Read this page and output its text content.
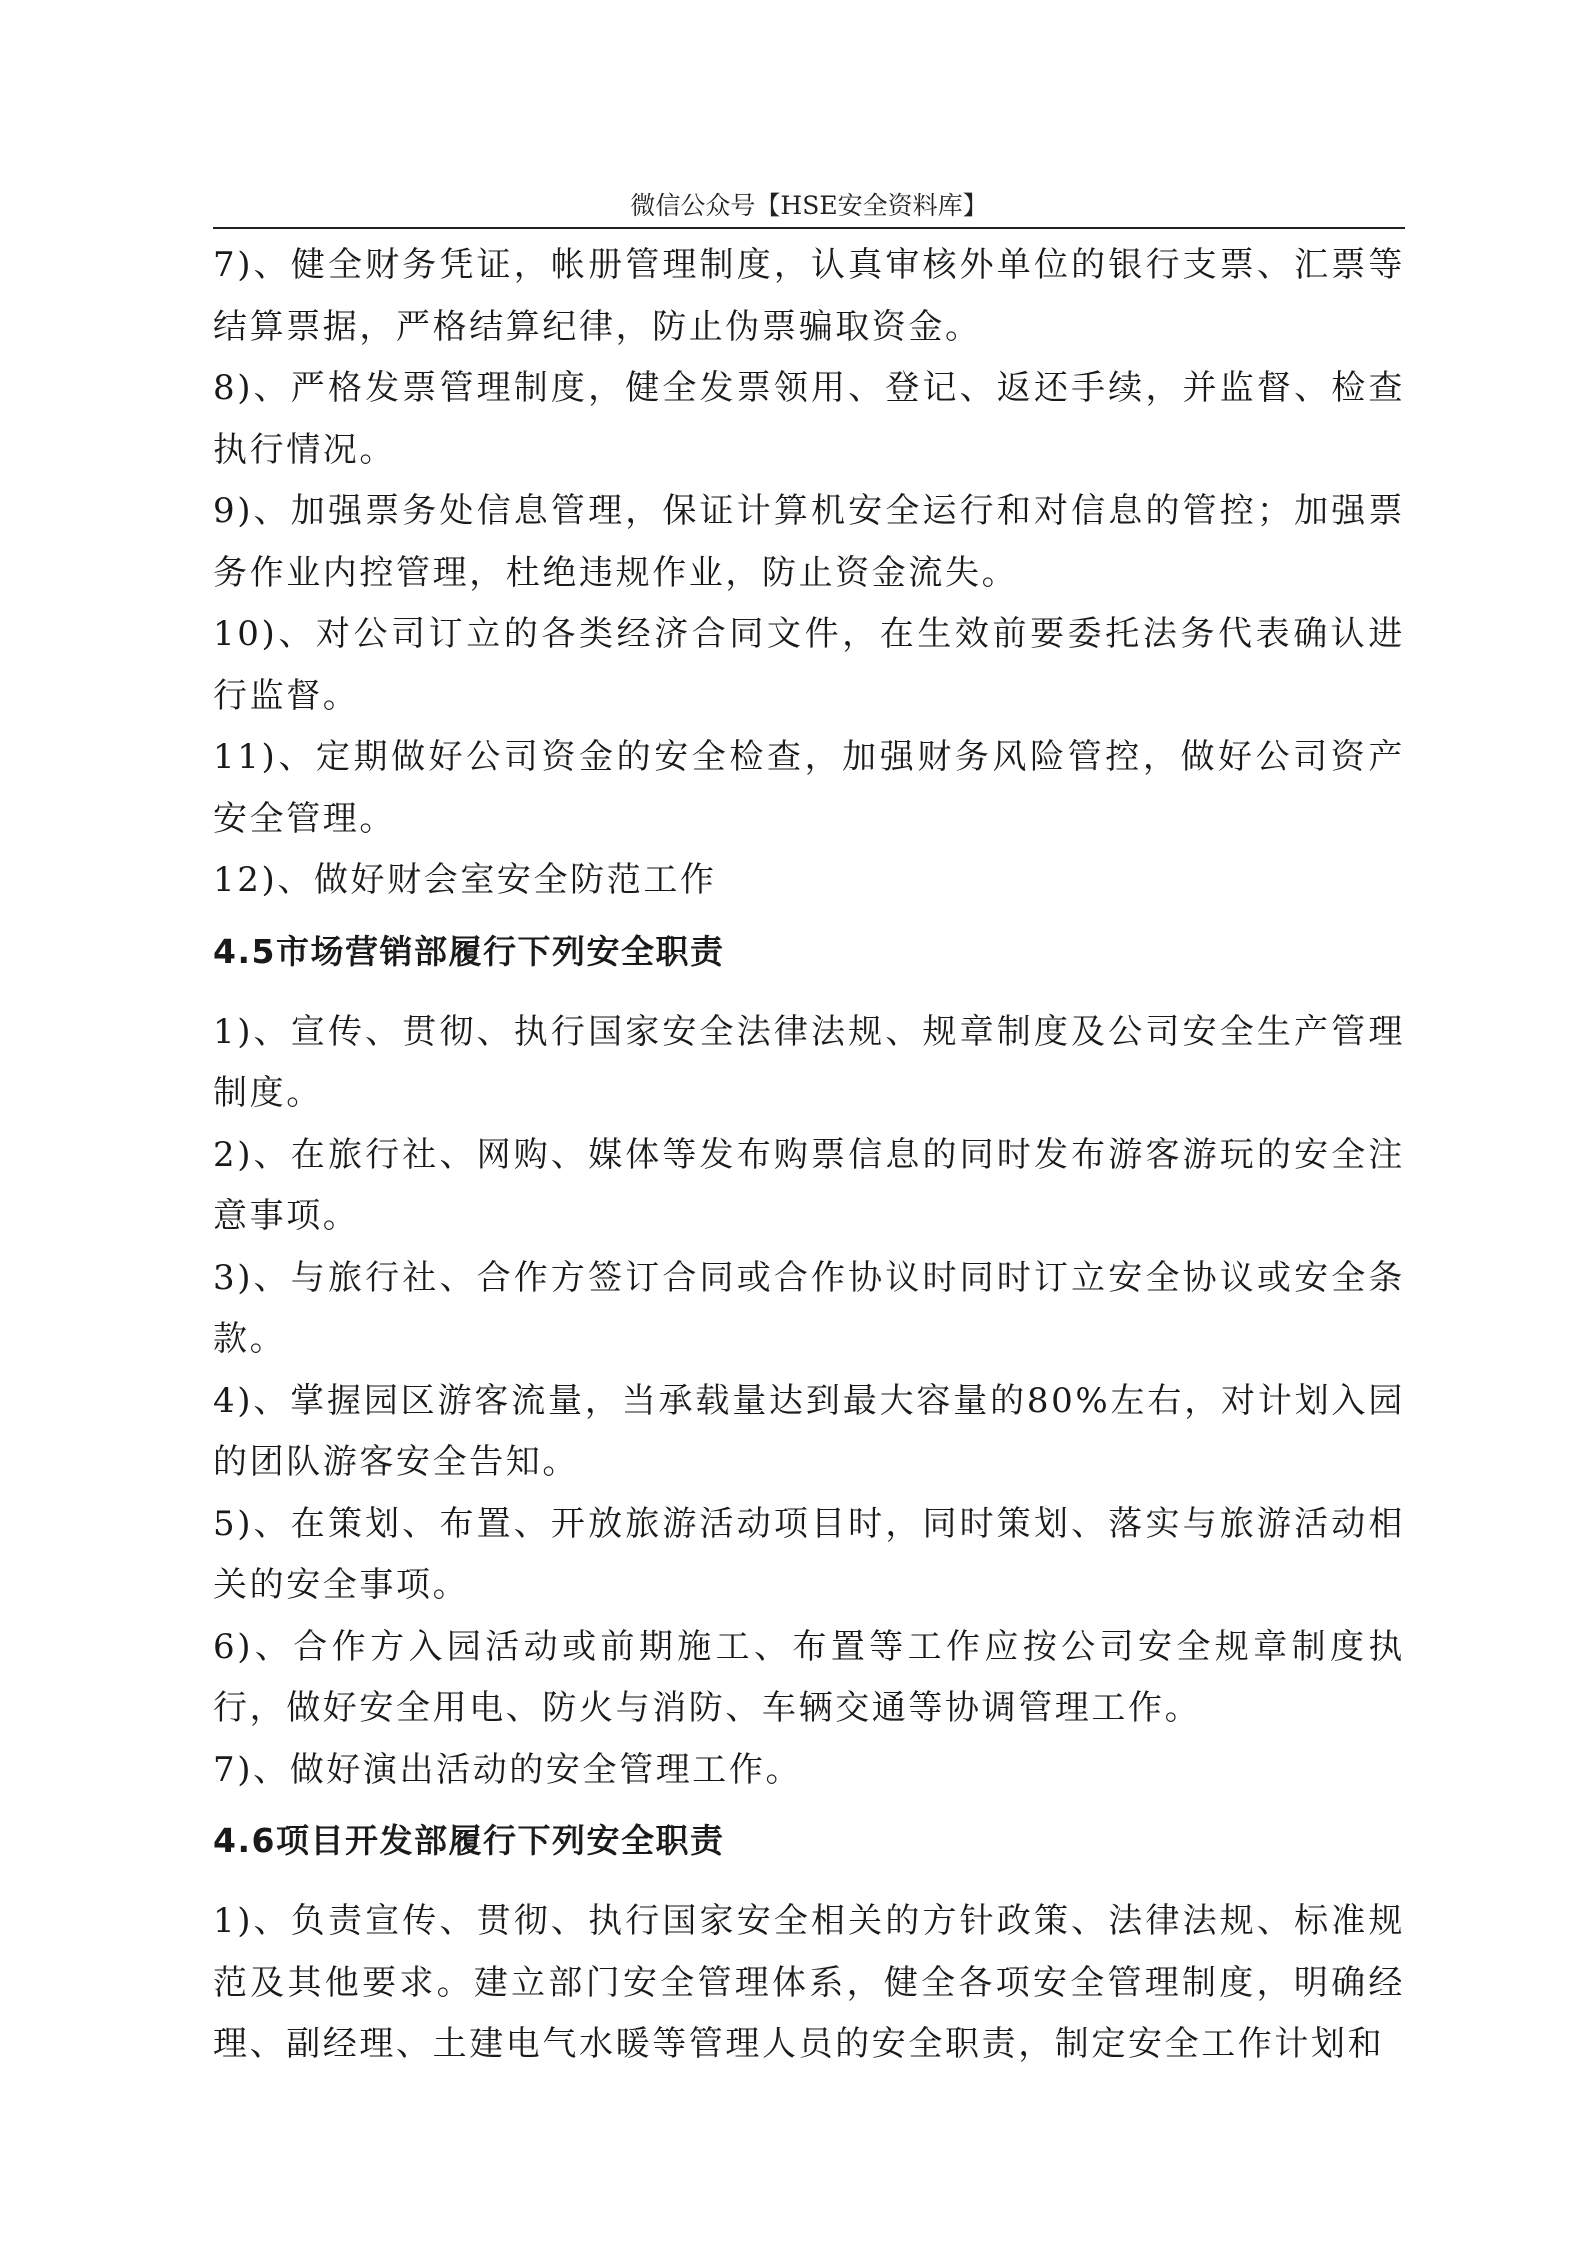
微信公众号【HSE安全资料库】

7)、健全财务凭证，帐册管理制度，认真审核外单位的银行支票、汇票等结算票据，严格结算纪律，防止伪票骗取资金。

8)、严格发票管理制度，健全发票领用、登记、返还手续，并监督、检查执行情况。

9)、加强票务处信息管理，保证计算机安全运行和对信息的管控；加强票务作业内控管理，杜绝违规作业，防止资金流失。

10)、对公司订立的各类经济合同文件，在生效前要委托法务代表确认进行监督。

11)、定期做好公司资金的安全检查，加强财务风险管控，做好公司资产安全管理。

12)、做好财会室安全防范工作

4.5市场营销部履行下列安全职责

1)、宣传、贯彻、执行国家安全法律法规、规章制度及公司安全生产管理制度。

2)、在旅行社、网购、媒体等发布购票信息的同时发布游客游玩的安全注意事项。

3)、与旅行社、合作方签订合同或合作协议时同时订立安全协议或安全条款。

4)、掌握园区游客流量，当承载量达到最大容量的80%左右，对计划入园的团队游客安全告知。

5)、在策划、布置、开放旅游活动项目时，同时策划、落实与旅游活动相关的安全事项。

6)、合作方入园活动或前期施工、布置等工作应按公司安全规章制度执行，做好安全用电、防火与消防、车辆交通等协调管理工作。

7)、做好演出活动的安全管理工作。

4.6项目开发部履行下列安全职责

1)、负责宣传、贯彻、执行国家安全相关的方针政策、法律法规、标准规范及其他要求。建立部门安全管理体系，健全各项安全管理制度，明确经理、副经理、土建电气水暖等管理人员的安全职责，制定安全工作计划和
